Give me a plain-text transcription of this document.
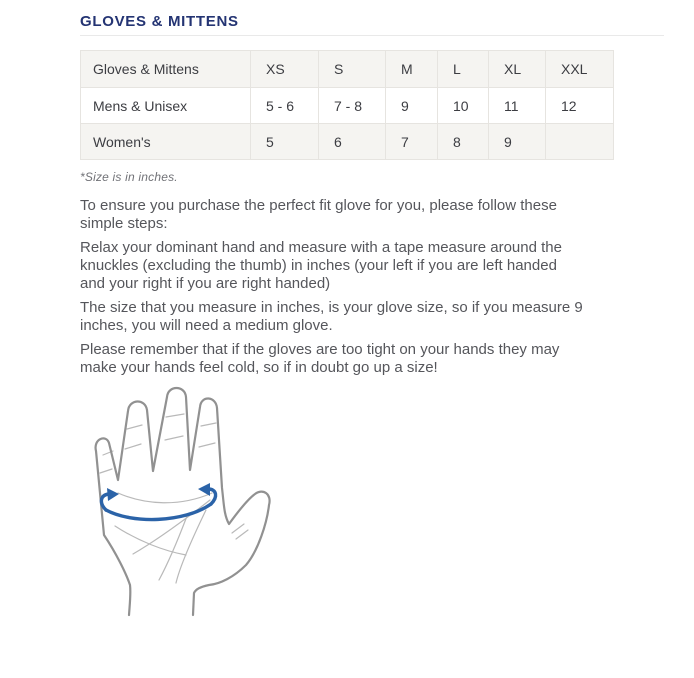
GLOVES & MITTENS
Gloves & Mittens	XS	S	M	L	XL	XXL
Mens & Unisex	5 - 6	7 - 8	9	10	11	12
Women's	5	6	7	8	9	
*Size is in inches.
To ensure you purchase the perfect fit glove for you, please follow these
simple steps:
Relax your dominant hand and measure with a tape measure around the
knuckles (excluding the thumb) in inches (your left if you are left handed
and your right if you are right handed)
The size that you measure in inches, is your glove size, so if you measure 9
inches, you will need a medium glove.
Please remember that if the gloves are too tight on your hands they may
make your hands feel cold, so if in doubt go up a size!
